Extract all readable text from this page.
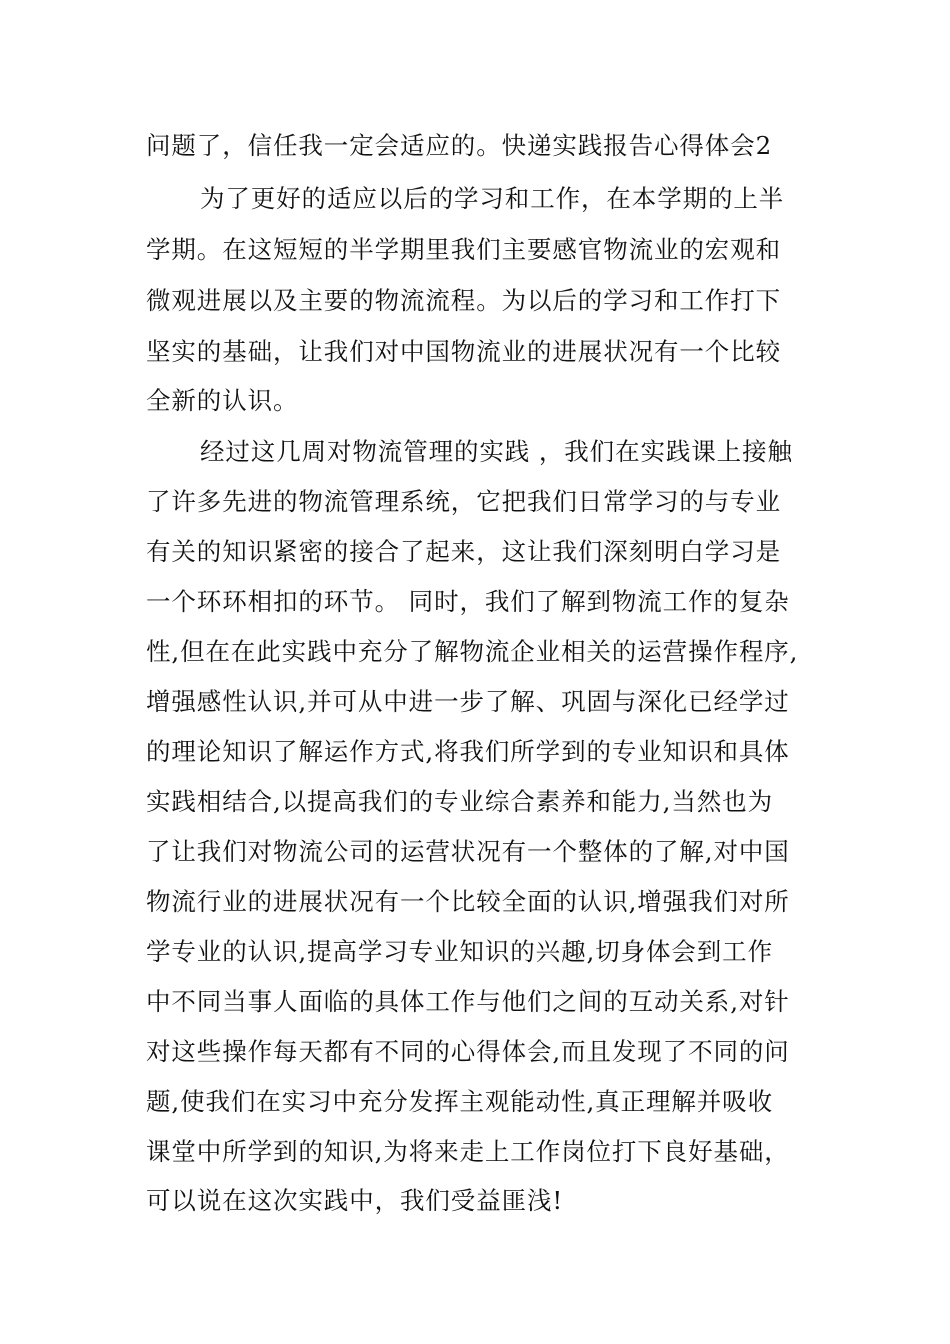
问题了，信任我一定会适应的。快递实践报告心得体会2
为了更好的适应以后的学习和工作，在本学期的上半
学期。在这短短的半学期里我们主要感官物流业的宏观和
微观进展以及主要的物流流程。为以后的学习和工作打下
坚实的基础，让我们对中国物流业的进展状况有一个比较
全新的认识。
经过这几周对物流管理的实践 ，我们在实践课上接触
了许多先进的物流管理系统，它把我们日常学习的与专业
有关的知识紧密的接合了起来，这让我们深刻明白学习是
一个环环相扣的环节。 同时，我们了解到物流工作的复杂
性,但在在此实践中充分了解物流企业相关的运营操作程序,
增强感性认识,并可从中进一步了解、巩固与深化已经学过
的理论知识了解运作方式,将我们所学到的专业知识和具体
实践相结合,以提高我们的专业综合素养和能力,当然也为
了让我们对物流公司的运营状况有一个整体的了解,对中国
物流行业的进展状况有一个比较全面的认识,增强我们对所
学专业的认识,提高学习专业知识的兴趣,切身体会到工作
中不同当事人面临的具体工作与他们之间的互动关系,对针
对这些操作每天都有不同的心得体会,而且发现了不同的问
题,使我们在实习中充分发挥主观能动性,真正理解并吸收
课堂中所学到的知识,为将来走上工作岗位打下良好基础，
可以说在这次实践中，我们受益匪浅!
